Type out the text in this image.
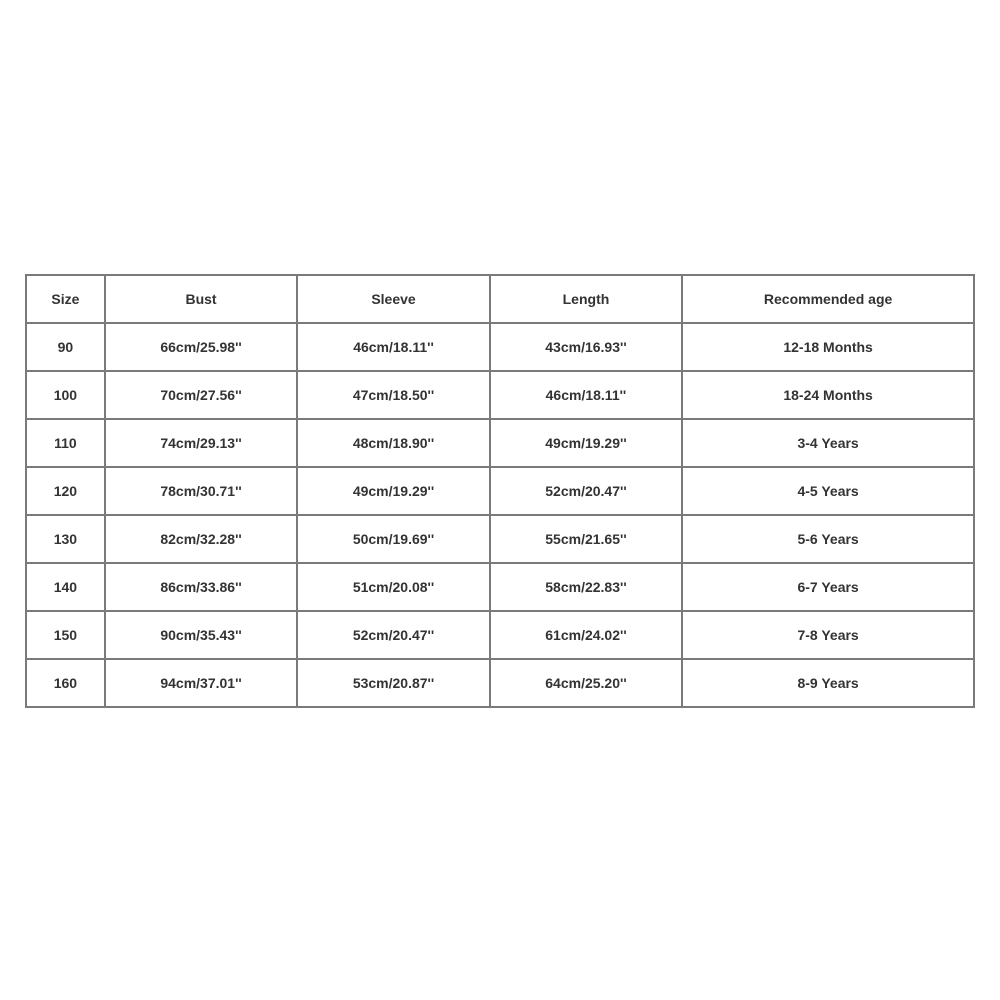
Size	Bust	Sleeve	Length	Recommended age
90	66cm/25.98''	46cm/18.11''	43cm/16.93''	12-18 Months
100	70cm/27.56''	47cm/18.50''	46cm/18.11''	18-24 Months
110	74cm/29.13''	48cm/18.90''	49cm/19.29''	3-4 Years
120	78cm/30.71''	49cm/19.29''	52cm/20.47''	4-5 Years
130	82cm/32.28''	50cm/19.69''	55cm/21.65''	5-6 Years
140	86cm/33.86''	51cm/20.08''	58cm/22.83''	6-7 Years
150	90cm/35.43''	52cm/20.47''	61cm/24.02''	7-8 Years
160	94cm/37.01''	53cm/20.87''	64cm/25.20''	8-9 Years
